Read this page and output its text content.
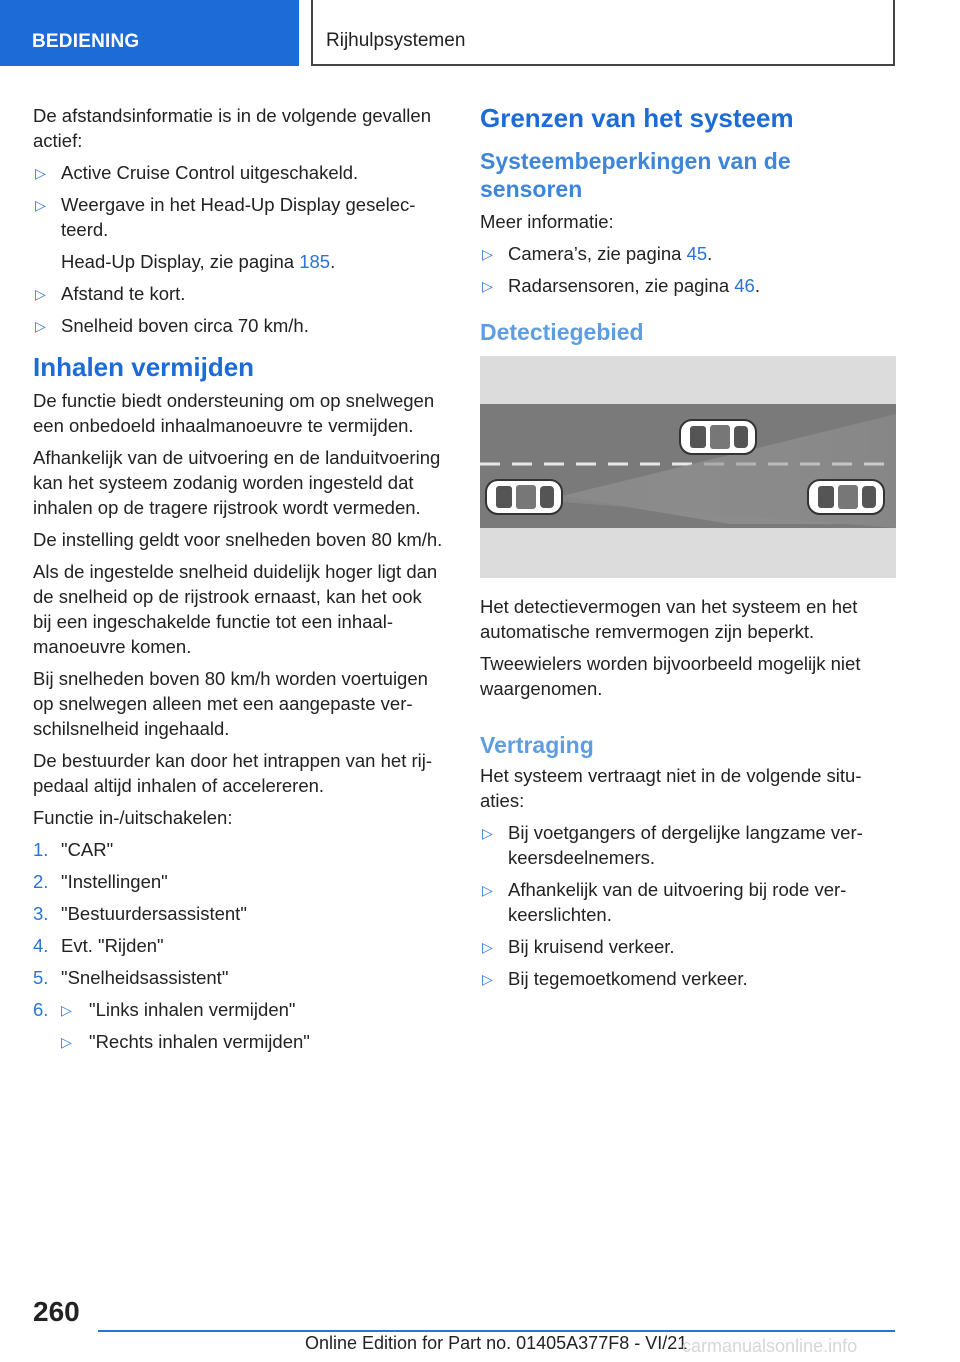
BEDIENING	Rijhulpsystemen

De afstandsinformatie is in de volgende gevallen actief:

▷ Active Cruise Control uitgeschakeld.
▷ Weergave in het Head-Up Display geselecteerd.
Head-Up Display, zie pagina 185.
▷ Afstand te kort.
▷ Snelheid boven circa 70 km/h.
Inhalen vermijden

De functie biedt ondersteuning om op snelwegen een onbedoeld inhaalmanoeuvre te vermijden.

Afhankelijk van de uitvoering en de landuitvoering kan het systeem zodanig worden ingesteld dat inhalen op de tragere rijstrook wordt vermeden.

De instelling geldt voor snelheden boven 80 km/h.

Als de ingestelde snelheid duidelijk hoger ligt dan de snelheid op de rijstrook ernaast, kan het ook bij een ingeschakelde functie tot een inhaalmanoeuvre komen.

Bij snelheden boven 80 km/h worden voertuigen op snelwegen alleen met een aangepaste verschilsnelheid ingehaald.

De bestuurder kan door het intrappen van het rijpedaal altijd inhalen of accelereren.

Functie in-/uitschakelen:

1. "CAR"
2. "Instellingen"
3. "Bestuurdersassistent"
4. Evt. "Rijden"
5. "Snelheidsassistent"
6. ▷ "Links inhalen vermijden"
▷ "Rechts inhalen vermijden"
Grenzen van het systeem
Systeembeperkingen van de sensoren

Meer informatie:

▷ Camera’s, zie pagina 45.
▷ Radarsensoren, zie pagina 46.
Detectiegebied

Het detectievermogen van het systeem en het automatische remvermogen zijn beperkt.

Tweewielers worden bijvoorbeeld mogelijk niet waargenomen.

Vertraging

Het systeem vertraagt niet in de volgende situaties:

▷ Bij voetgangers of dergelijke langzame verkeersdeelnemers.
▷ Afhankelijk van de uitvoering bij rode verkeerslichten.
▷ Bij kruisend verkeer.
▷ Bij tegemoetkomend verkeer.
260
Online Edition for Part no. 01405A377F8 - VI/21
carmanualsonline.info
